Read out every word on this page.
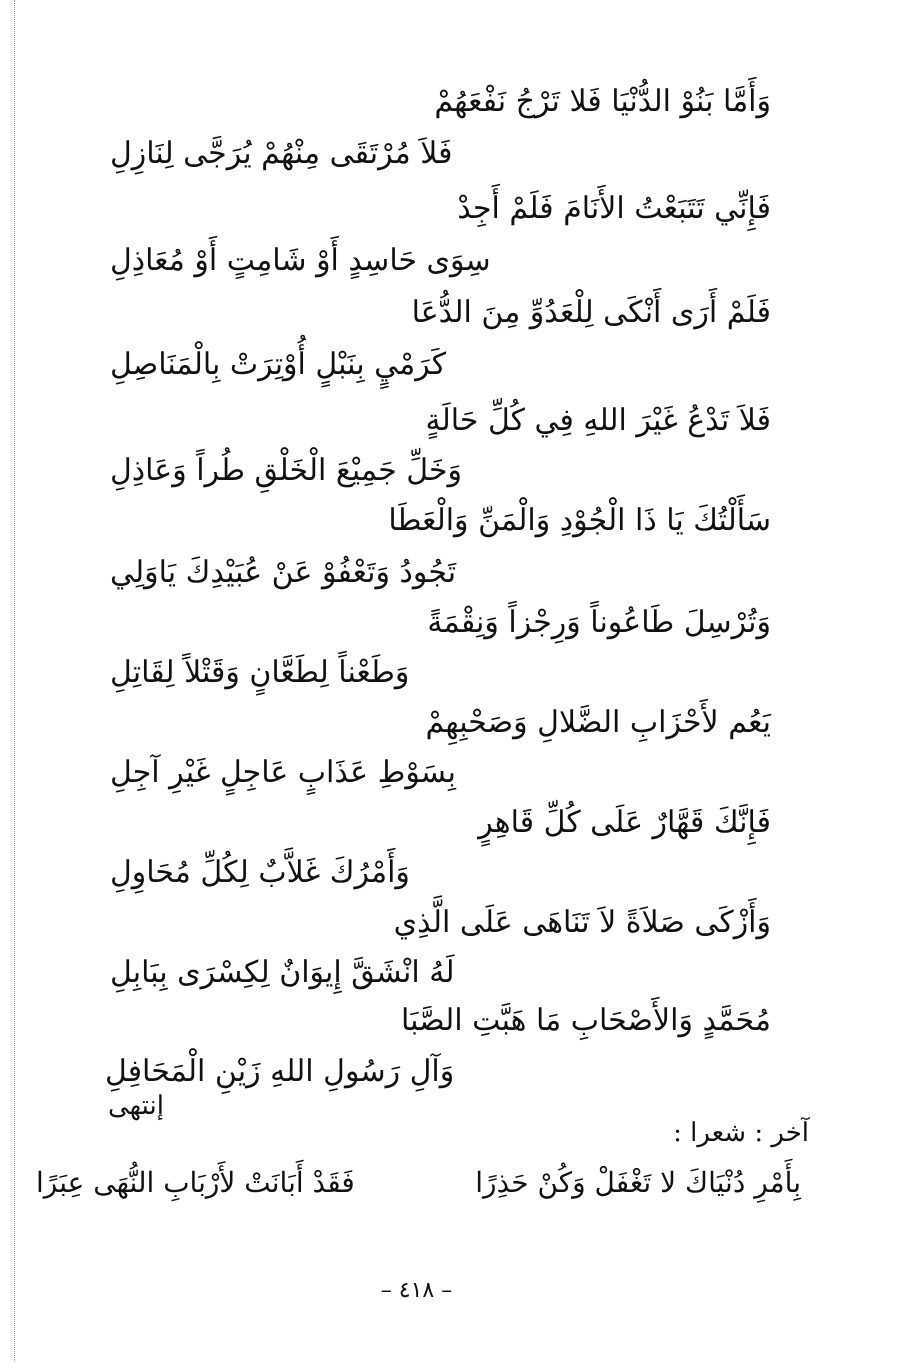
وَأَمَّا بَنُوْ الدُّنْيَا فَلا تَرْجُ نَفْعَهُمْ
فَلاَ مُرْتَقَى مِنْهُمْ يُرَجَّى لِنَازِلِ
فَإِنِّي تَتَبَعْتُ الأَنَامَ فَلَمْ أَجِدْ
سِوَى حَاسِدٍ أَوْ شَامِتٍ أَوْ مُعَاذِلِ
فَلَمْ أَرَى أَنْكَى لِلْعَدُوِّ مِنَ الدُّعَا
كَرَمْيٍ بِنَبْلٍ أُوْتِرَتْ بِالْمَنَاصِلِ
فَلاَ تَدْعُ غَيْرَ اللهِ فِي كُلِّ حَالَةٍ
وَخَلِّ جَمِيْعَ الْخَلْقِ طُراً وَعَاذِلِ
سَأَلْتُكَ يَا ذَا الْجُوْدِ وَالْمَنِّ وَالْعَطَا
تَجُودُ وَتَعْفُوْ عَنْ عُبَيْدِكَ يَاوَلِي
وَتُرْسِلَ طَاعُوناً وَرِجْزاً وَنِقْمَةً
وَطَعْناً لِطَعَّانٍ وَقَتْلاً لِقَاتِلِ
يَعُم لأَحْزَابِ الضَّلالِ وَصَحْبِهِمْ
بِسَوْطِ عَذَابٍ عَاجِلٍ غَيْرِ آجِلِ
فَإِنَّكَ قَهَّارٌ عَلَى كُلِّ قَاهِرٍ
وَأَمْرُكَ غَلاَّبٌ لِكُلِّ مُحَاوِلِ
وَأَزْكَى صَلاَةً لاَ تَنَاهَى عَلَى الَّذِي
لَهُ انْشَقَّ إِيوَانٌ لِكِسْرَى بِبَابِلِ
مُحَمَّدٍ وَالأَصْحَابِ مَا هَبَّتِ الصَّبَا
وَآلِ رَسُولِ اللهِ زَيْنِ الْمَحَافِلِ
إنتهى
آخر : شعرا :
بِأَمْرِ دُنْيَاكَ لا تَغْفَلْ وَكُنْ حَذِرًا
فَقَدْ أَبَانَتْ لأَرْبَابِ النُّهَى عِبَرًا
– ٤١٨ –
